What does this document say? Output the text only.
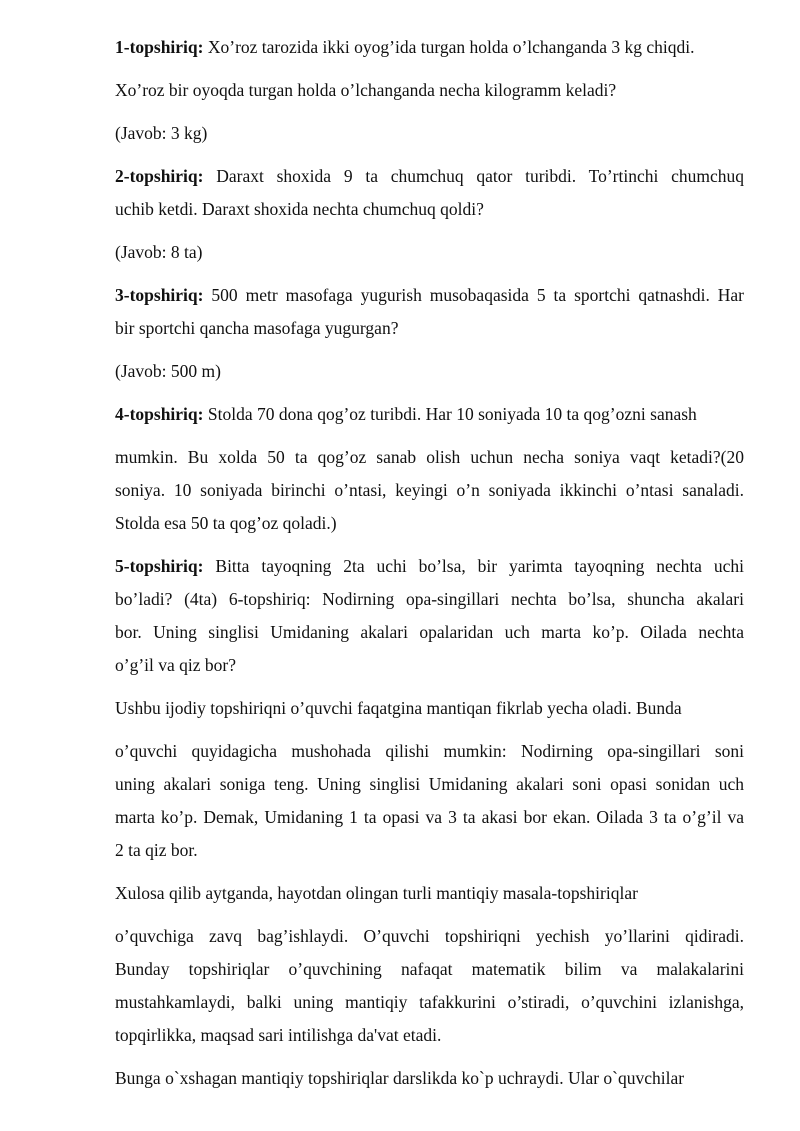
1-topshiriq: Xo’roz tarozida ikki oyog’ida turgan holda o’lchanganda 3 kg chiqdi.
Xo’roz bir oyoqda turgan holda o’lchanganda necha kilogramm keladi?
(Javob: 3 kg)
2-topshiriq: Daraxt shoxida 9 ta chumchuq qator turibdi. To’rtinchi chumchuq
uchib ketdi. Daraxt shoxida nechta chumchuq qoldi?
(Javob: 8 ta)
3-topshiriq: 500 metr masofaga yugurish musobaqasida 5 ta sportchi qatnashdi. Har
bir sportchi qancha masofaga yugurgan?
(Javob: 500 m)
4-topshiriq: Stolda 70 dona qog’oz turibdi. Har 10 soniyada 10 ta qog’ozni sanash
mumkin. Bu xolda 50 ta qog’oz sanab olish uchun necha soniya vaqt ketadi?(20
soniya. 10 soniyada birinchi o’ntasi, keyingi o’n soniyada ikkinchi o’ntasi sanaladi.
Stolda esa 50 ta qog’oz qoladi.)
5-topshiriq: Bitta tayoqning 2ta uchi bo’lsa, bir yarimta tayoqning nechta uchi
bo’ladi? (4ta) 6-topshiriq: Nodirning opa-singillari nechta bo’lsa, shuncha akalari
bor. Uning singlisi Umidaning akalari opalaridan uch marta ko’p. Oilada nechta
o’g’il va qiz bor?
Ushbu ijodiy topshiriqni o’quvchi faqatgina mantiqan fikrlab yecha oladi. Bunda
o’quvchi quyidagicha mushohada qilishi mumkin: Nodirning opa-singillari soni
uning akalari soniga teng. Uning singlisi Umidaning akalari soni opasi sonidan uch
marta ko’p. Demak, Umidaning 1 ta opasi va 3 ta akasi bor ekan. Oilada 3 ta o’g’il va
2 ta qiz bor.
Xulosa qilib aytganda, hayotdan olingan turli mantiqiy masala-topshiriqlar
o’quvchiga zavq bag’ishlaydi. O’quvchi topshiriqni yechish yo’llarini qidiradi.
Bunday topshiriqlar o’quvchining nafaqat matematik bilim va malakalarini
mustahkamlaydi, balki uning mantiqiy tafakkurini o’stiradi, o’quvchini izlanishga,
topqirlikka, maqsad sari intilishga da'vat etadi.
Bunga o`xshagan mantiqiy topshiriqlar darslikda ko`p uchraydi. Ular o`quvchilar
